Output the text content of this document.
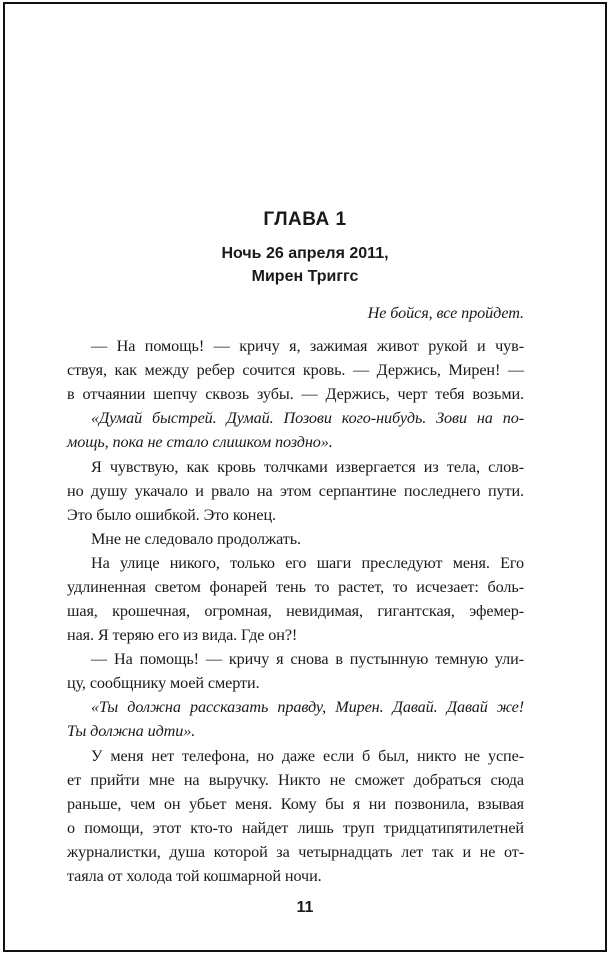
ГЛАВА 1
Ночь 26 апреля 2011,
Мирен Триггс
Не бойся, все пройдет.
— На помощь! — кричу я, зажимая живот рукой и чув-
ствуя, как между ребер сочится кровь. — Держись, Мирен! —
в отчаянии шепчу сквозь зубы. — Держись, черт тебя возьми.
«Думай быстрей. Думай. Позови кого-нибудь. Зови на по-
мощь, пока не стало слишком поздно».
Я чувствую, как кровь толчками извергается из тела, слов-
но душу укачало и рвало на этом серпантине последнего пути.
Это было ошибкой. Это конец.
Мне не следовало продолжать.
На улице никого, только его шаги преследуют меня. Его
удлиненная светом фонарей тень то растет, то исчезает: боль-
шая, крошечная, огромная, невидимая, гигантская, эфемер-
ная. Я теряю его из вида. Где он?!
— На помощь! — кричу я снова в пустынную темную ули-
цу, сообщнику моей смерти.
«Ты должна рассказать правду, Мирен. Давай. Давай же!
Ты должна идти».
У меня нет телефона, но даже если б был, никто не успе-
ет прийти мне на выручку. Никто не сможет добраться сюда
раньше, чем он убьет меня. Кому бы я ни позвонила, взывая
о помощи, этот кто-то найдет лишь труп тридцатипятилетней
журналистки, душа которой за четырнадцать лет так и не от-
таяла от холода той кошмарной ночи.
11
